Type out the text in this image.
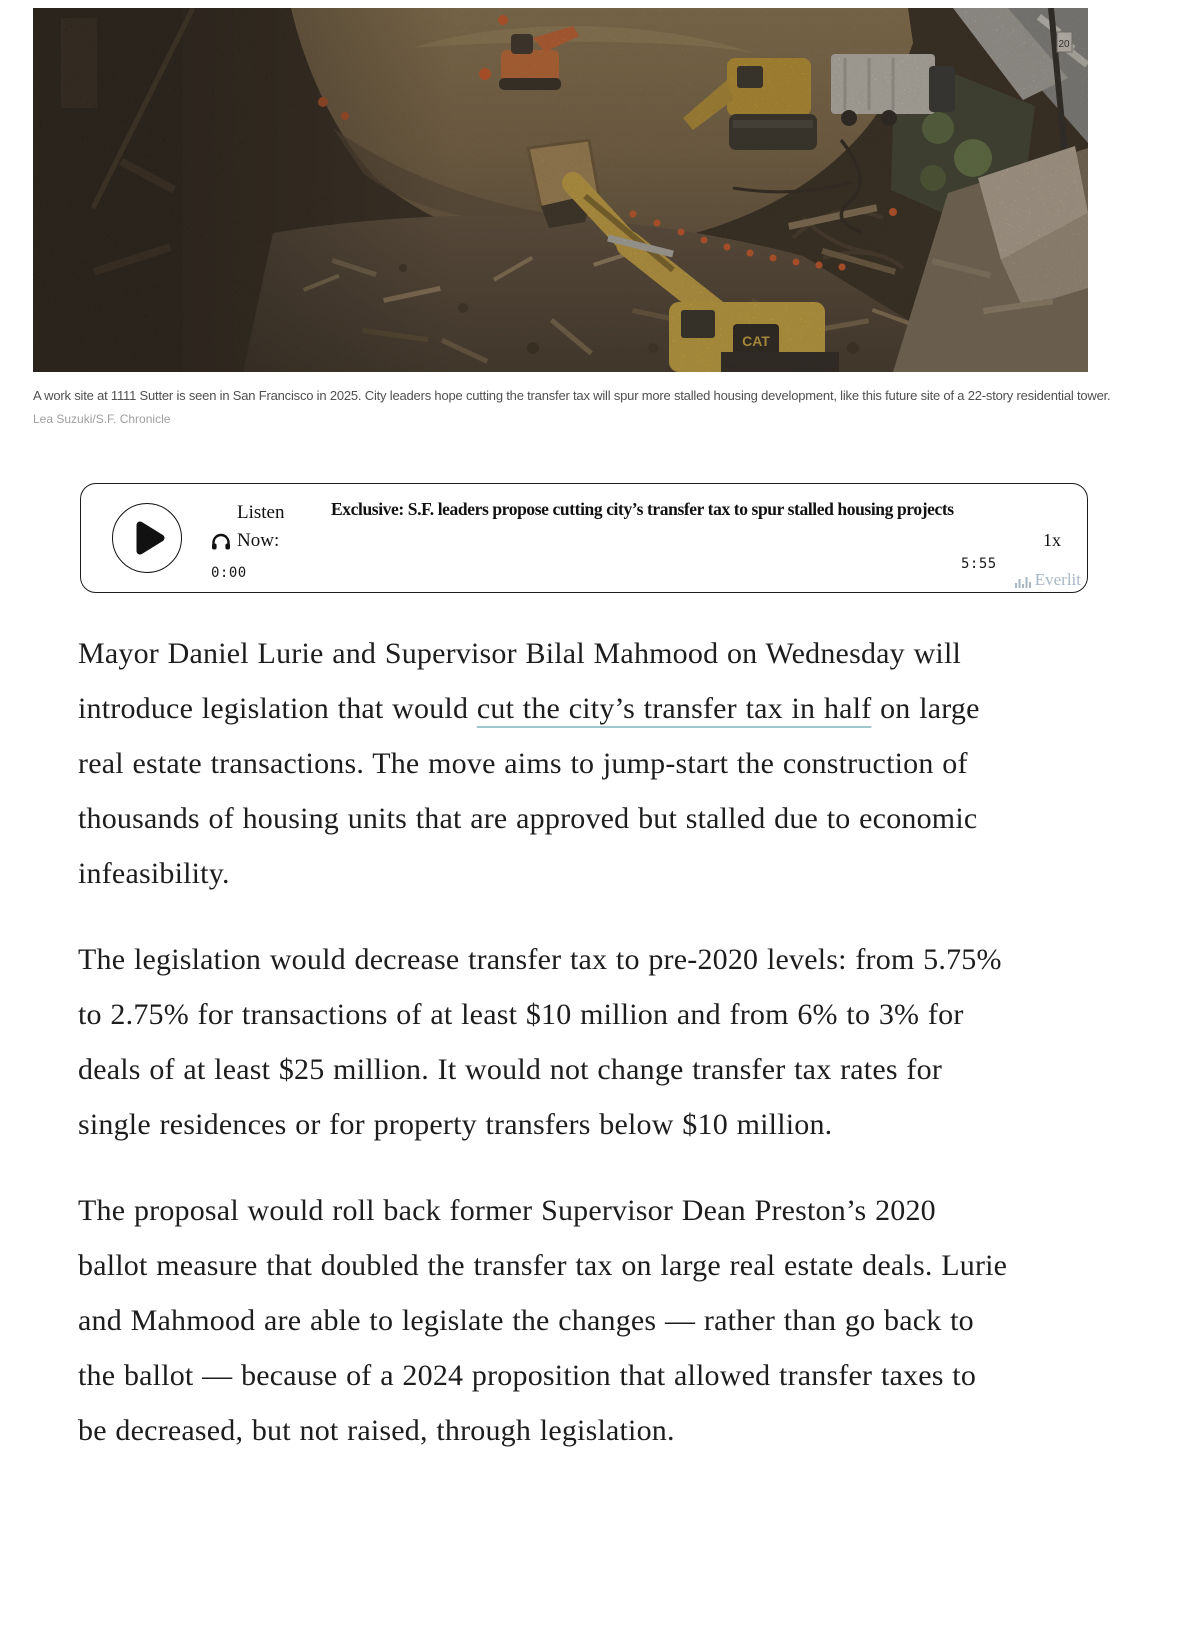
20
CAT

A work site at 1111 Sutter is seen in San Francisco in 2025. City leaders hope cutting the transfer tax will spur more stalled housing development, like this future site of a 22-story residential tower.

Lea Suzuki/S.F. Chronicle

Listen
Now:
0:00
Exclusive: S.F. leaders propose cutting city’s transfer tax to spur stalled housing projects
1x
5:55
Everlit

Mayor Daniel Lurie and Supervisor Bilal Mahmood on Wednesday will introduce legislation that would cut the city’s transfer tax in half on large real estate transactions. The move aims to jump-start the construction of thousands of housing units that are approved but stalled due to economic infeasibility.

The legislation would decrease transfer tax to pre-2020 levels: from 5.75% to 2.75% for transactions of at least $10 million and from 6% to 3% for deals of at least $25 million. It would not change transfer tax rates for single residences or for property transfers below $10 million.

The proposal would roll back former Supervisor Dean Preston’s 2020 ballot measure that doubled the transfer tax on large real estate deals. Lurie and Mahmood are able to legislate the changes — rather than go back to the ballot — because of a 2024 proposition that allowed transfer taxes to be decreased, but not raised, through legislation.
